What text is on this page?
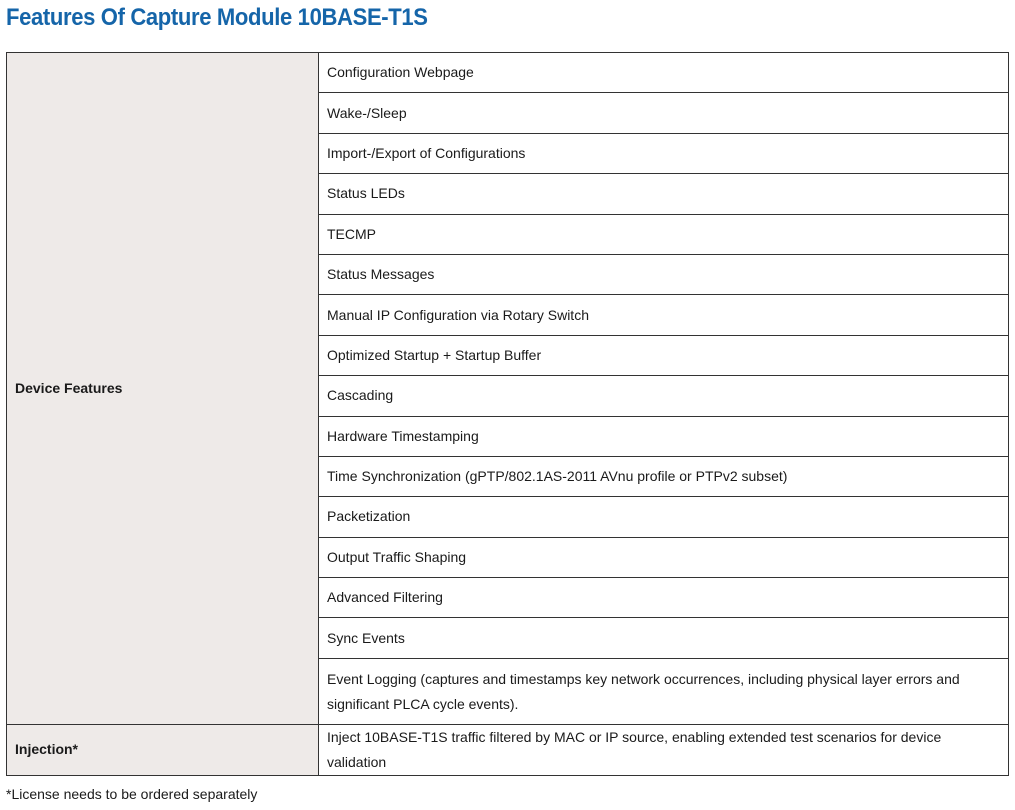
Features Of Capture Module 10BASE-T1S
Device Features	Configuration Webpage
	Wake-/Sleep
	Import-/Export of Configurations
	Status LEDs
	TECMP
	Status Messages
	Manual IP Configuration via Rotary Switch
	Optimized Startup + Startup Buffer
	Cascading
	Hardware Timestamping
	Time Synchronization (gPTP/802.1AS-2011 AVnu profile or PTPv2 subset)
	Packetization
	Output Traffic Shaping
	Advanced Filtering
	Sync Events
	Event Logging (captures and timestamps key network occurrences, including physical layer errors and significant PLCA cycle events).
Injection*	Inject 10BASE-T1S traffic filtered by MAC or IP source, enabling extended test scenarios for device validation

*License needs to be ordered separately
